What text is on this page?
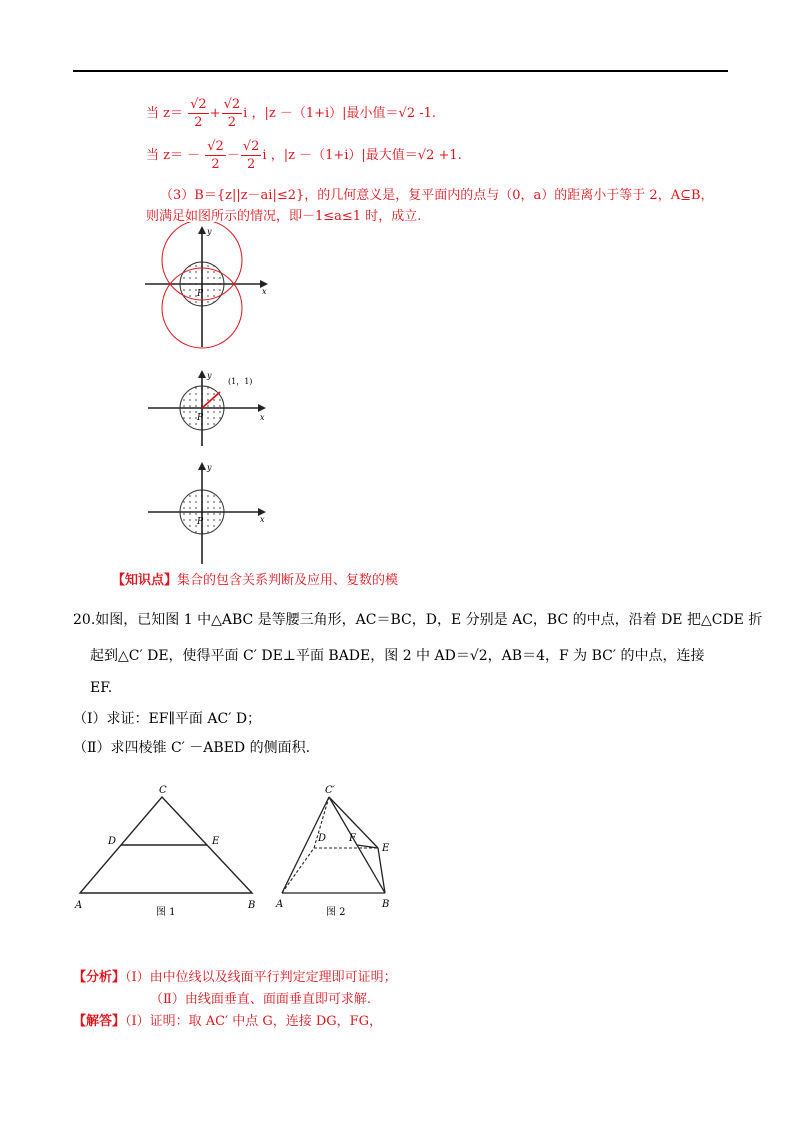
当 $z= \frac{√2}{2} + \frac{√2}{2}$ i ，|z －（1+i）|最小值＝√2 -1.
当 $z= - \frac{√2}{2} - \frac{√2}{2}$ i ，|z －（1+i）|最大值＝√2 +1.
（3）B＝{z||z－ai|≤2}，的几何意义是，复平面内的点与（0，a）的距离小于等于 2，A⊆B，
则满足如图所示的情况，即－1≤a≤1 时，成立.
y
x
P
y
x
P
(1，1)
y
x
P
【知识点】集合的包含关系判断及应用、复数的模
20.如图，已知图 1 中△ABC 是等腰三角形，AC＝BC，D，E 分别是 AC，BC 的中点，沿着 DE 把△CDE 折
起到△C′ DE，使得平面 C′ DE⊥平面 BADE，图 2 中 AD＝√2，AB＝4，F 为 BC′ 的中点，连接
EF.
（Ⅰ）求证：EF∥平面 AC′ D；
（Ⅱ）求四棱锥 C′ －ABED 的侧面积.
C
D	E
A	B
图 1
C′
D F
E
A	B
图 2
【分析】（Ⅰ）由中位线以及线面平行判定定理即可证明；
（Ⅱ）由线面垂直、面面垂直即可求解.
【解答】（Ⅰ）证明：取 AC′ 中点 G，连接 DG，FG，
